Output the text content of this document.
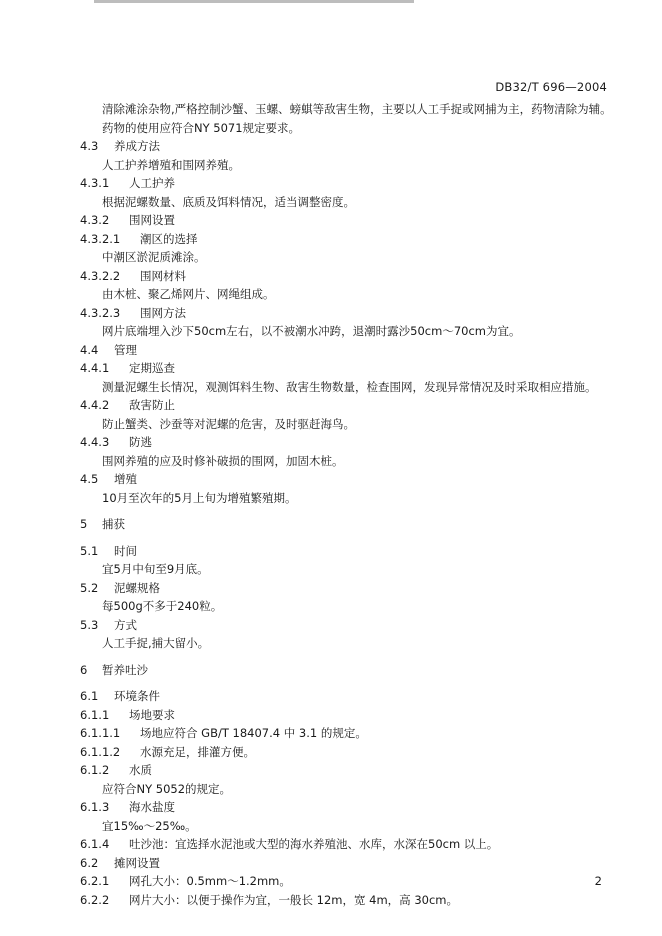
DB32/T 696—2004
清除滩涂杂物,严格控制沙蟹、玉螺、螃蜞等敌害生物，主要以人工手捉或网捕为主，药物清除为辅。药物的使用应符合NY 5071规定要求。
4.3 养成方法
人工护养增殖和围网养殖。
4.3.1 人工护养
根据泥螺数量、底质及饵料情况，适当调整密度。
4.3.2 围网设置
4.3.2.1 潮区的选择
中潮区淤泥质滩涂。
4.3.2.2 围网材料
由木桩、聚乙烯网片、网绳组成。
4.3.2.3 围网方法
网片底端埋入沙下50cm左右，以不被潮水冲跨，退潮时露沙50cm～70cm为宜。
4.4 管理
4.4.1 定期巡查
测量泥螺生长情况，观测饵料生物、敌害生物数量，检查围网，发现异常情况及时采取相应措施。
4.4.2 敌害防止
防止蟹类、沙蚕等对泥螺的危害，及时驱赶海鸟。
4.4.3 防逃
围网养殖的应及时修补破损的围网，加固木桩。
4.5 增殖
10月至次年的5月上旬为增殖繁殖期。
5 捕获
5.1 时间
宜5月中旬至9月底。
5.2 泥螺规格
每500g不多于240粒。
5.3 方式
人工手捉,捕大留小。
6 暂养吐沙
6.1 环境条件
6.1.1 场地要求
6.1.1.1 场地应符合 GB/T 18407.4 中 3.1 的规定。
6.1.1.2 水源充足，排灌方便。
6.1.2 水质
应符合NY 5052的规定。
6.1.3 海水盐度
宜15‰～25‰。
6.1.4 吐沙池：宜选择水泥池或大型的海水养殖池、水库，水深在50cm 以上。
6.2 摊网设置
6.2.1 网孔大小：0.5mm～1.2mm。
6.2.2 网片大小：以便于操作为宜，一般长 12m，宽 4m，高 30cm。
2
